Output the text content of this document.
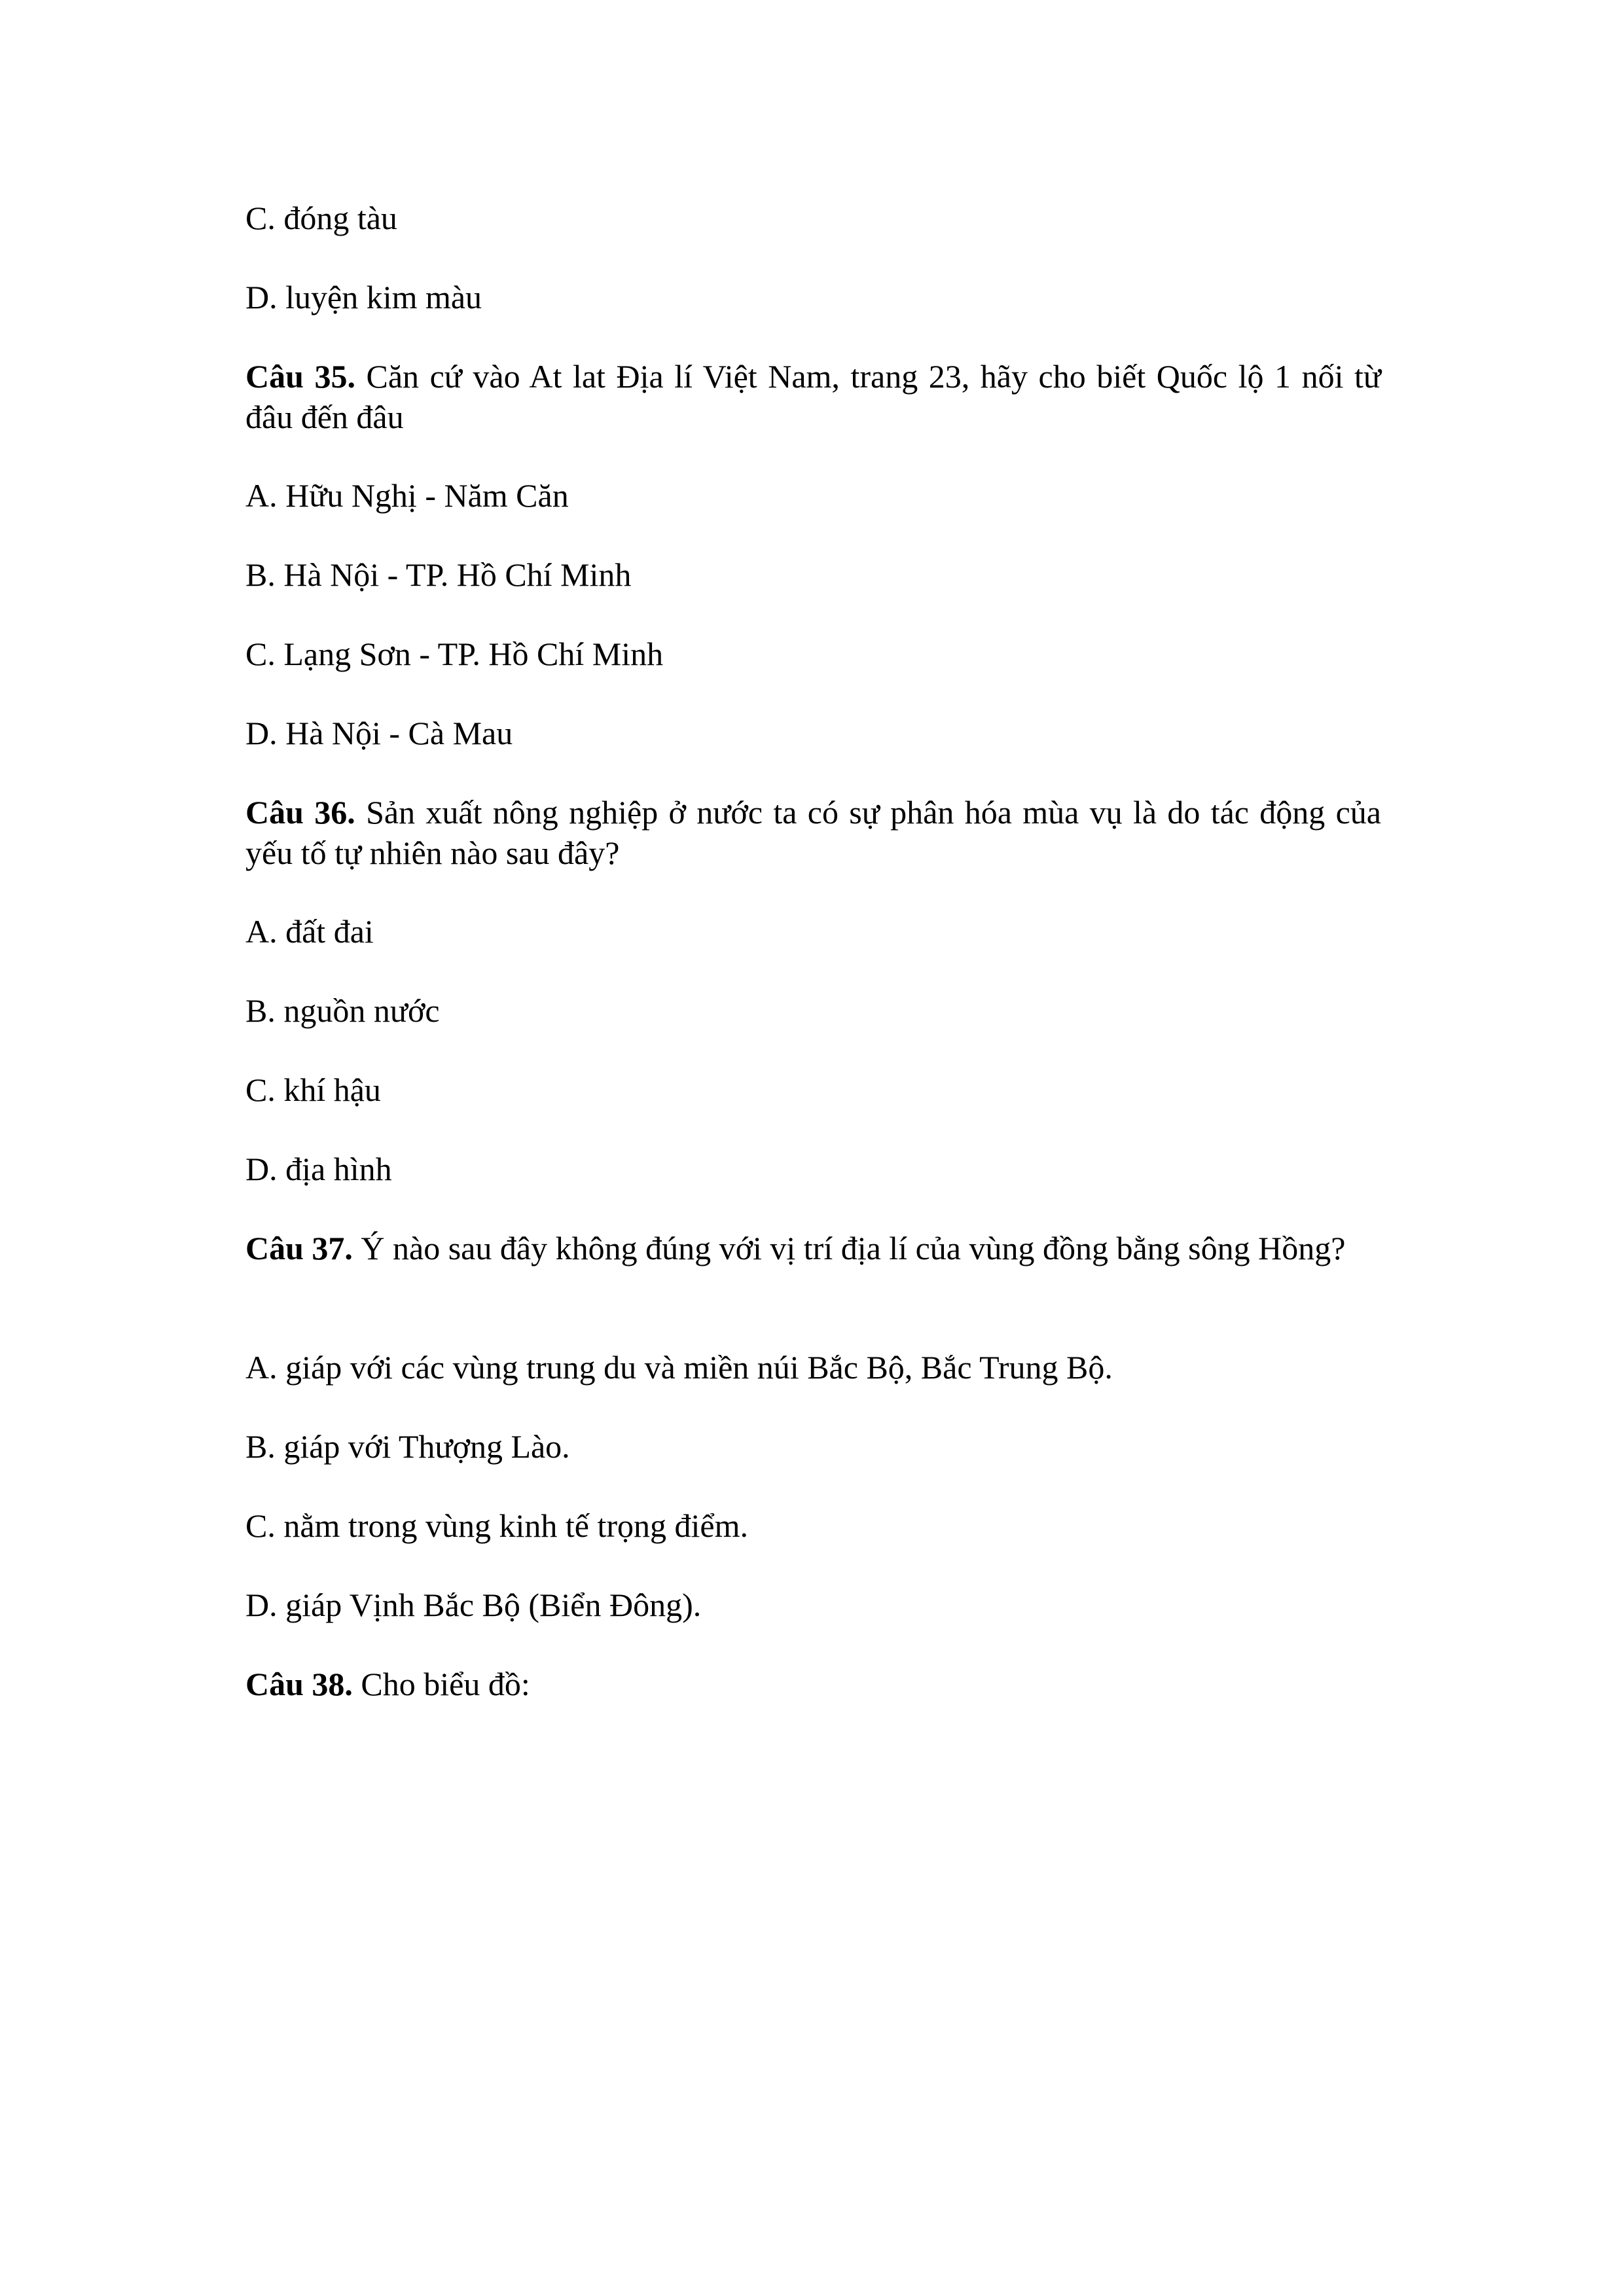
C. đóng tàu
D. luyện kim màu
Câu 35. Căn cứ vào At lat Địa lí Việt Nam, trang 23, hãy cho biết Quốc lộ 1 nối từ đâu đến đâu
A. Hữu Nghị - Năm Căn
B. Hà Nội - TP. Hồ Chí Minh
C. Lạng Sơn - TP. Hồ Chí Minh
D. Hà Nội - Cà Mau
Câu 36. Sản xuất nông nghiệp ở nước ta có sự phân hóa mùa vụ là do tác động của yếu tố tự nhiên nào sau đây?
A. đất đai
B. nguồn nước
C. khí hậu
D. địa hình
Câu 37. Ý nào sau đây không đúng với vị trí địa lí của vùng đồng bằng sông Hồng?
A. giáp với các vùng trung du và miền núi Bắc Bộ, Bắc Trung Bộ.
B. giáp với Thượng Lào.
C. nằm trong vùng kinh tế trọng điểm.
D. giáp Vịnh Bắc Bộ (Biển Đông).
Câu 38. Cho biểu đồ:
